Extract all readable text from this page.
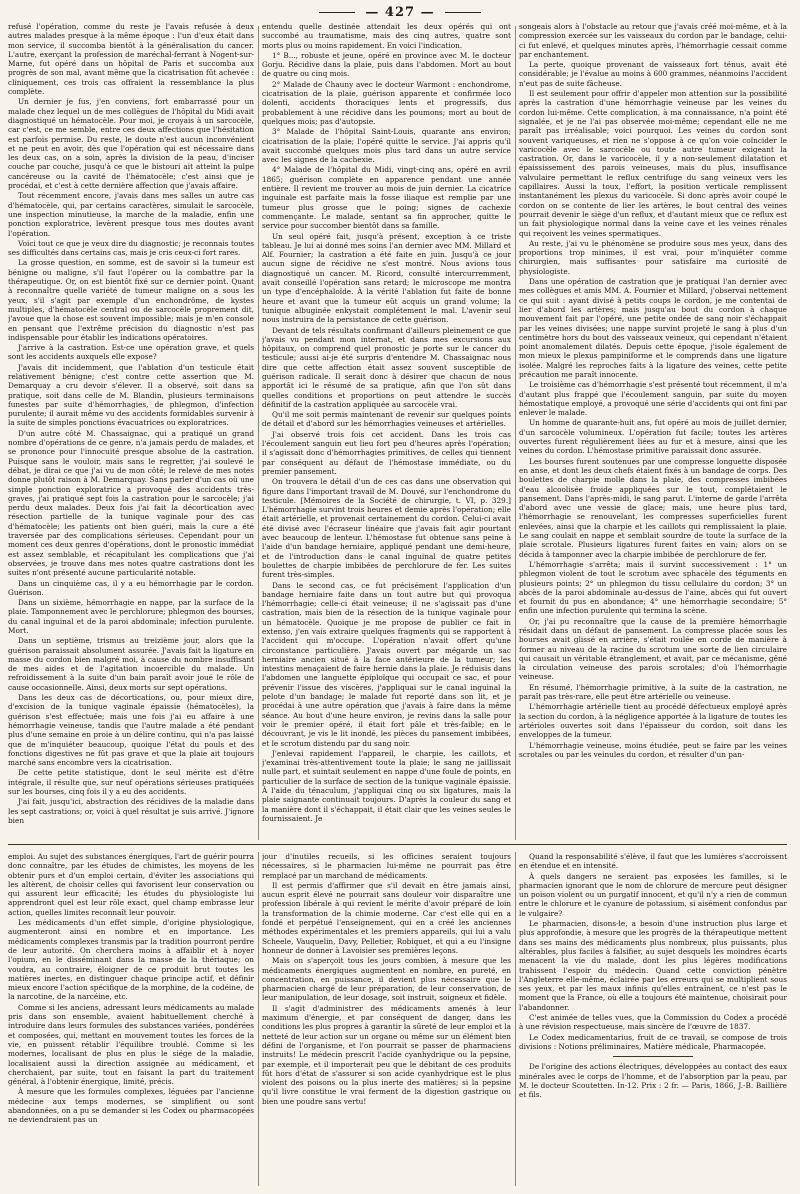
— 427 —

refusé l'opération, comme du reste je l'avais refusée à deux autres malades presque à la même époque : l'un d'eux était dans mon service, il succomba bientôt à la généralisation du cancer. L'autre, exerçant la profession de maréchal-ferrant à Nogent-sur-Marne, fut opéré dans un hôpital de Paris et succomba aux progrès de son mal, avant même que la cicatrisation fût achevée : cliniquement, ces trois cas offraient la ressemblance la plus complète.

Un dernier je fus, j'en conviens, fort embarrassé pour un malade chez lequel un de mes collègues de l'hôpital du Midi avait diagnostiqué un hématocèle. Pour moi, je croyais à un sarcocèle, car c'est, ce me semble, entre ces deux affections que l'hésitation est parfois permise. Du reste, le doute n'est aucun inconvénient et ne peut en avoir, dès que l'opération qui est nécessaire dans les deux cas, on a soin, après la division de la peau, d'inciser couche par couche, jusqu'à ce que le bistouri ait atteint la pulpe cancéreuse ou la cavité de l'hématocèle; c'est ainsi que je procédai, et c'est à cette dernière affection que j'avais affaire.

Tout récemment encore, j'avais dans mes salles un autre cas d'hématocèle, qui, par certains caractères, simulait le sarcocèle, une inspection minutieuse, la marche de la maladie, enfin une ponction exploratrice, levèrent presque tous mes doutes avant l'opération.

Voici tout ce que je veux dire du diagnostic; je reconnais toutes ses difficultés dans certains cas, mais je cris ceux-ci fort rares.

La grosse question, en somme, est de savoir si la tumeur est bénigne ou maligne, s'il faut l'opérer ou la combattre par la thérapeutique. Or, on est bientôt fixé sur ce dernier point. Quant à reconnaître quelle variété de tumeur maligne on a sous les yeux, s'il s'agit par exemple d'un enchondrôme, de kystes multiples, d'hématocèle central ou de sarcocèle proprement dit, j'avoue que la chose est souvent impossible; mais je m'en console en pensant que l'extrême précision du diagnostic n'est pas indispensable pour établir les indications opératoires.

J'arrive à la castration. Est-ce une opération grave, et quels sont les accidents auxquels elle expose?

J'avais dit incidemment, que l'ablation d'un testicule était relativement bénigne; c'est contre cette assertion que M. Demarquay a cru devoir s'élever. Il a observé, soit dans sa pratique, soit dans celle de M. Blandin, plusieurs terminaisons funestes par suite d'hémorrhagies, de phlegmon, d'infection purulente; il aurait même vu des accidents formidables survenir à la suite de simples ponctions évacuatrices ou exploratrices.

D'un autre côté M. Chassaignac, qui a pratiqué un grand nombre d'opérations de ce genre, n'a jamais perdu de malades, et se prononce pour l'innocuité presque absolue de la castration. Puisque sans le vouloir, mais sans le regretter, j'ai soulevé le débat, je dirai ce que j'ai vu de mon côté; le relevé de mes notes donne plutôt raison à M. Demarquay. Sans parler d'un cas où une simple ponction exploratrice a provoqué des accidents très-graves, j'ai pratiqué sept fois la castration pour le sarcocèle; j'ai perdu deux malades. Deux fois j'ai fait la décortication avec résection partielle de la tunique vaginale pour des cas d'hématocèle; les patients ont bien guéri, mais la cure a été traversée par des complications sérieuses. Cependant pour un moment ces deux genres d'opérations, dont le pronostic immédiat est assez semblable, et récapitulant les complications que j'ai observées, je trouve dans mes notes quatre castrations dont les suites n'ont présenté aucune particularité notable.

Dans un cinquième cas, il y a eu hémorrhagie par le cordon. Guérison.

Dans un sixième, hémorrhagie en nappe, par la surface de la plaie. Tamponnement avec le perchlorure; phlegmon des bourses, du canal inguinal et de la paroi abdominale; infection purulente. Mort.

Dans un septième, trismus au treizième jour, alors que la guérison paraissait absolument assurée. J'avais fait la ligature en masse du cordon bien malgré moi, à cause du nombre insuffisant de mes aides et de l'agitation incoercible du malade. Un refroidissement à la suite d'un bain paraît avoir joué le rôle de cause occasionnelle. Ainsi, deux morts sur sept opérations.

Dans les deux cas de décortications, ou, pour mieux dire, d'excision de la tunique vaginale épaissie (hématocèles), la guérison s'est effectuée; mais une fois j'ai eu affaire à une hémorrhagie veineuse, tandis que l'autre malade a été pendant plus d'une semaine en proie à un délire continu, qui n'a pas laissé que de m'inquiéter beaucoup, quoique l'état du pouls et des fonctions digestives ne fût pas grave et que la plaie ait toujours marché sans encombre vers la cicatrisation.

De cette petite statistique, dont le seul mérite est d'être intégrale, il résulte que, sur neuf opérations sérieuses pratiquées sur les bourses, cinq fois il y a eu des accidents.

J'ai fait, jusqu'ici, abstraction des récidives de la maladie dans les sept castrations; or, voici à quel résultat je suis arrivé. J'ignore bien

entendu quelle destinée attendait les deux opérés qui ont succombé au traumatisme, mais des cinq autres, quatre sont morts plus ou moins rapidement. En voici l'indication.

1° B..., robuste et jeune, opéré en province avec M. le docteur Gorju. Récidive dans la plaie, puis dans l'abdomen. Mort au bout de quatre ou cinq mois.

2° Malade de Chauny avec le docteur Warmont : enchondrome, cicatrisation de la plaie, guérison apparente et confirmée loco dolenti, accidents thoraciques lents et progressifs, dus probablement à une récidive dans les poumons; mort au bout de quelques mois; pas d'autopsie.

3° Malade de l'hôpital Saint-Louis, quarante ans environ; cicatrisation de la plaie; l'opéré quitte le service. J'ai appris qu'il avait succombé quelques mois plus tard dans un autre service avec les signes de la cachexie.

4° Malade de l'hôpital du Midi, vingt-cinq ans, opéré en avril 1865; guérison complète en apparence pendant une année entière. Il revient me trouver au mois de juin dernier. La cicatrice inguinale est parfaite mais la fosse iliaque est remplie par une tumeur plus grosse que le poing; signes de cachexie commençante. Le malade, sentant sa fin approcher, quitte le service pour succomber bientôt dans sa famille.

Un seul opéré fait, jusqu'à présent, exception à ce triste tableau. Je lui ai donné mes soins l'an dernier avec MM. Millard et Alf. Fournier; la castration a été faite en juin. Jusqu'à ce jour aucun signe de récidive ne s'est montré. Nous avions tous diagnostiqué un cancer. M. Ricord, consulté intercurremment, avait conseillé l'opération sans retard; le microscope me montra un type d'encéphaloïde. À la vérité l'ablation fut faite de bonne heure et avant que la tumeur eût acquis un grand volume; la tunique albuginée enkystait complétement le mal. L'avenir seul nous instruira de la persistance de cette guérison.

Devant de tels résultats confirmant d'ailleurs pleinement ce que j'avais vu pendant mon internat, et dans mes excursions aux hôpitaux, on comprend quel pronostic je porte sur le cancer du testicule; aussi ai-je été surpris d'entendre M. Chassaignac nous dire que cette affection était assez souvent susceptible de guérison radicale. Il serait donc à désirer que chacun de nous apportât ici le résumé de sa pratique, afin que l'on sût dans quelles conditions et proportions on peut attendre le succès définitif de la castration appliquée au sarcocèle vrai.

Qu'il me soit permis maintenant de revenir sur quelques points de détail et d'abord sur les hémorrhagies veineuses et artérielles.

J'ai observé trois fois cet accident. Dans les trois cas l'écoulement sanguin eut lieu fort peu d'heures après l'opération; il s'agissait donc d'hémorrhagies primitives, de celles qui tiennent par conséquent au défaut de l'hémostase immédiate, ou du premier pansement.

On trouvera le détail d'un de ces cas dans une observation qui figure dans l'important travail de M. Douvé, sur l'enchondrome du testicule. [Mémoires de la Société de chirurgie, t. VI, p. 329.] L'hémorrhagie survint trois heures et demie après l'opération; elle était artérielle, et provenait certainement du cordon. Celui-ci avait été divisé avec l'écraseur linéaire que j'avais fait agir pourtant avec beaucoup de lenteur. L'hémostase fut obtenue sans peine à l'aide d'un bandage herniaire, appliqué pendant une demi-heure, et de l'introduction dans le canal inguinal de quatre petites boulettes de charpie imbibées de perchlorure de fer. Les suites furent très-simples.

Dans le second cas, ce fut précisément l'application d'un bandage herniaire faite dans un tout autre but qui provoqua l'hémorrhagie; celle-ci était veineuse; il ne s'agissait pas d'une castration, mais bien de la résection de la tunique vaginale pour un hématocèle. Quoique je me propose de publier ce fait in extenso, j'en vais extraire quelques fragments qui se rapportent à l'accident qui m'occupe. L'opération n'avait offert qu'une circonstance particulière. J'avais ouvert par mégarde un sac herniaire ancien situé à la face antérieure de la tumeur; les intestins menaçaient de faire hernie dans la plaie. Je réduisis dans l'abdomen une languette épiploïque qui occupait ce sac, et pour prévenir l'issue des viscères, j'appliquai sur le canal inguinal la pelote d'un bandage; le malade fut reporté dans son lit, et je procédai à une autre opération que j'avais à faire dans la même séance. Au bout d'une heure environ, je revins dans la salle pour voir le premier opéré, il était fort pâle et très-faible; en le découvrant, je vis le lit inondé, les pièces du pansement imbibées, et le scrotum distendu par du sang noir.

J'enlevai rapidement l'appareil, le charpie, les caillots, et j'examinai très-attentivement toute la plaie; le sang ne jaillissait nulle part, et suintait seulement en nappe d'une foule de points, en particulier de la surface de section de la tunique vaginale épaissie. À l'aide du ténaculum, j'appliquai cinq ou six ligatures, mais la plaie saignante continuait toujours. D'après la couleur du sang et la manière dont il s'échappait, il était clair que les veines seules le fournissaient. Je

songeais alors à l'obstacle au retour que j'avais créé moi-même, et à la compression exercée sur les vaisseaux du cordon par le bandage, celui-ci fut enlevé, et quelques minutes après, l'hémorrhagie cessait comme par enchantement.

La perte, quoique provenant de vaisseaux fort ténus, avait été considérable; je l'évalue au moins à 600 grammes, néanmoins l'accident n'eut pas de suite fâcheuse.

Il est seulement pour offrir d'appeler mon attention sur la possibilité après la castration d'une hémorrhagie veineuse par les veines du cordon lui-même. Cette complication, à ma connaissance, n'a point été signalée, et je ne l'ai pas observée moi-même; cependant elle ne me paraît pas irréalisable; voici pourquoi. Les veines du cordon sont souvent variqueuses, et rien ne s'oppose à ce qu'on voie coïncider le varicocèle avec le sarcocèle ou toute autre tumeur exigeant la castration. Or, dans le varicocèle, il y a non-seulement dilatation et épaississement des parois veineuses, mais du plus, insuffisance valvulaire permettant le reflux centrifuge du sang veineux vers les capillaires. Aussi la toux, l'effort, la position verticale remplissent instantanément les plexus du varicocèle. Si donc après avoir coupé le cordon on se contente de lier les artères, le bout central des veines pourrait devenir le siège d'un reflux, et d'autant mieux que ce reflux est un fait physiologique normal dans la veine cave et les veines rénales qui reçoivent les veines spermatiques.

Au reste, j'ai vu le phénomène se produire sous mes yeux, dans des proportions trop minimes, il est vrai, pour m'inquiéter comme chirurgien, mais suffisantes pour satisfaire ma curiosité de physiologiste.

Dans une opération de castration que je pratiquai l'an dernier avec mes collègues et amis MM. A. Fournier et Millard, j'observai nettement ce qui suit : ayant divisé à petits coups le cordon, je me contentai de lier d'abord les artères; mais jusqu'au bout du cordon à chaque mouvement fait par l'opéré, une petite ondée de sang noir s'échappait par les veines divisées; une nappe survint projeté le sang à plus d'un centimètre hors du bout des vaisseaux veineux, qui cependant n'étaient point anomalement dilatés. Depuis cette époque, j'isole également de mon mieux le plexus pampiniforme et le comprends dans une ligature isolée. Malgré les reproches faits à la ligature des veines, cette petite précaution me paraît innocente.

Le troisième cas d'hémorrhagie s'est présenté tout récemment, il m'a d'autant plus frappé que l'écoulement sanguin, par suite du moyen hémostatique employé, a provoqué une série d'accidents qui ont fini par enlever le malade.

Un homme de quarante-huit ans, fut opéré au mois de juillet dernier, d'un sarcocèle volumineux. L'opération fut facile; toutes les artères ouvertes furent régulièrement liées au fur et à mesure, ainsi que les veines du cordon. L'hémostase primitive paraissait donc assurée.

Les bourses furent soutenues par une compresse longuette disposée en anse, et dont les deux chefs étaient fixés à un bandage de corps. Des boulettes de charpie molle dans la plaie, des compresses imbibées d'eau alcoolisée froide appliquées sur le tout, complétaient le pansement. Dans l'après-midi, le sang parut. L'interne de garde l'arrêta d'abord avec une vessie de glace; mais, une heure plus tard, l'hémorrhagie se renouvelant, les compresses superficielles furent enlevées, ainsi que la charpie et les caillots qui remplissaient la plaie. Le sang coulait en nappe et semblait sourdre de toute la surface de la plaie scrotale. Plusieurs ligatures furent faites en vain; alors on se décida à tamponner avec la charpie imbibée de perchlorure de fer.

L'hémorrhagie s'arrêta; mais il survint successivement : 1° un phlegmon violent de tout le scrotum avec sphacèle des téguments en plusieurs points; 2° un phlegmon du tissu cellulaire du cordon; 3° un abcès de la paroi abdominale au-dessus de l'aine, abcès qui fut ouvert et fournit du pus en abondance; 4° une hémorrhagie secondaire; 5° enfin une infection purulente qui termina la scène.

Or, j'ai pu reconnaître que la cause de la première hémorrhagie résidait dans un défaut de pansement. La compresse placée sous les bourses avait glissé en arrière, s'était roulée en corde de manière à former au niveau de la racine du scrotum une sorte de lien circulaire qui causait un véritable étranglement, et avait, par ce mécanisme, gêné la circulation veineuse des parois scrotales; d'où l'hémorrhagie veineuse.

En résumé, l'hémorrhagie primitive, à la suite de la castration, ne paraît pas très-rare, elle peut être artérielle ou veineuse.

L'hémorrhagie artérielle tient au procédé défectueux employé après la section du cordon, à la négligence apportée à la ligature de toutes les artérioles ouvertes soit dans l'épaisseur du cordon, soit dans les enveloppes de la tumeur.

L'hémorrhagie veineuse, moins étudiée, peut se faire par les veines scrotales ou par les veinules du cordon, et résulter d'un pan-

emploi. Au sujet des substances énergiques, l'art de guérir pourra donc connaître, par les études de chimistes, les moyens de les obtenir purs et d'un emploi certain, d'éviter les associations qui les altèrent, de choisir celles qui favorisent leur conservation ou qui assurent leur efficacité; les études du physiologiste lui apprendront quel est leur rôle exact, quel champ embrasse leur action, quelles limites reconnaît leur pouvoir.

Les médicaments d'un effet simple, d'origine physiologique, augmenteront ainsi en nombre et en importance. Les médicaments complexes transmis par la tradition pourront perdre de leur autorité. On cherchera moins à affaiblir et à noyer l'opium, en le disséminant dans la masse de la thériaque; on voudra, au contraire, éloigner de ce produit brut toutes les matières inertes, en distinguer chaque principe actif, et définir mieux encore l'action spécifique de la morphine, de la codéine, de la narcotine, de la narcéine, etc.

Comme si les anciens, adressant leurs médicaments au malade pris dans son ensemble, avaient habituellement cherché à introduire dans leurs formules des substances variées, pondérées et composées, qui, mettant en mouvement toutes les forces de la vie, en puissent rétablir l'équilibre troublé. Comme si les modernes, localisant de plus en plus le siége de la maladie, localisaient aussi la direction assignée au médicament, et cherchaient, par suite, tout en faisant la part du traitement général, à l'obtenir énergique, limité, précis.

À mesure que les formules complexes, léguées par l'ancienne médecine aux temps modernes, se simplifient ou sont abandonnées, on a pu se demander si les Codex ou pharmacopées ne deviendraient pas un

jour d'inutiles recueils, si les officines seraient toujours nécessaires, si le pharmacien lui-même ne pourrait pas être remplacé par un marchand de médicaments.

Il est permis d'affirmer que s'il devait en être jamais ainsi, aucun esprit élevé ne pourrait sans douleur voir disparaître une profession libérale à qui revient le mérite d'avoir préparé de loin la transformation de la chimie moderne. Car c'est elle qui en a fondé et perpétué l'enseignement, qui en a créé les anciennes méthodes expérimentales et les premiers appareils, qui lui a valu Scheele, Vauquelin, Davy, Pelletier, Robiquet, et qui a eu l'insigne honneur de donner à Lavoisier ses premières leçons.

Mais on s'aperçoit tous les jours combien, à mesure que les médicaments énergiques augmentent en nombre, en pureté, en concentration, en puissance, il devient plus nécessaire que le pharmacien chargé de leur préparation, de leur conservation, de leur manipulation, de leur dosage, soit instruit, soigneux et fidèle.

Il s'agit d'administrer des médicaments amenés à leur maximum d'énergie, et par conséquent de danger, dans les conditions les plus propres à garantir la sûreté de leur emploi et la netteté de leur action sur un organe ou même sur un élément bien défini de l'organisme, et l'on pourrait se passer de pharmaciens instruits! Le médecin prescrit l'acide cyanhydrique ou la pepsine, par exemple, et il importerait peu que le débitant de ces produits fût hors d'état de s'assurer si son acide cyanhydrique est le plus violent des poisons ou la plus inerte des matières; si la pepsine qu'il livre constitue le vrai ferment de la digestion gastrique ou bien une poudre sans vertu!

Quand la responsabilité s'élève, il faut que les lumières s'accroissent en étendue et en intensité.

À quels dangers ne seraient pas exposées les familles, si le pharmacien ignorant que le nom de chlorure de mercure peut désigner un poison violent ou un purgatif innocent, et qu'il n'y a rien de commun entre le chlorure et le cyanure de potassium, si aisément confondus par le vulgaire?

Le pharmacien, disons-le, a besoin d'une instruction plus large et plus approfondie, à mesure que les progrès de la thérapeutique mettent dans ses mains des médicaments plus nombreux, plus puissants, plus altérables, plus faciles à falsifier, au sujet desquels les moindres écarts menacent la vie du malade, dont les plus légères modifications trahissent l'espoir du médecin. Quand cette conviction pénètre l'Angleterre elle-même, éclairée par les erreurs qui se multiplient sous ses yeux, et par les maux infinis qu'elles entraînent, ce n'est pas le moment que la France, où elle a toujours été maintenue, choisirait pour l'abandonner.

C'est animée de telles vues, que la Commission du Codex a procédé à une révision respectueuse, mais sincère de l'œuvre de 1837.

Le Codex medicamentarius, fruit de ce travail, se compose de trois divisions : Notions préliminaires, Matière médicale, Pharmacopée.

De l'origine des actions électriques, développées au contact des eaux minérales avec le corps de l'homme, et de l'absorption par la peau, par M. le docteur Scoutetten. In-12. Prix : 2 fr. — Paris, 1866, J.-B. Baillière et fils.
